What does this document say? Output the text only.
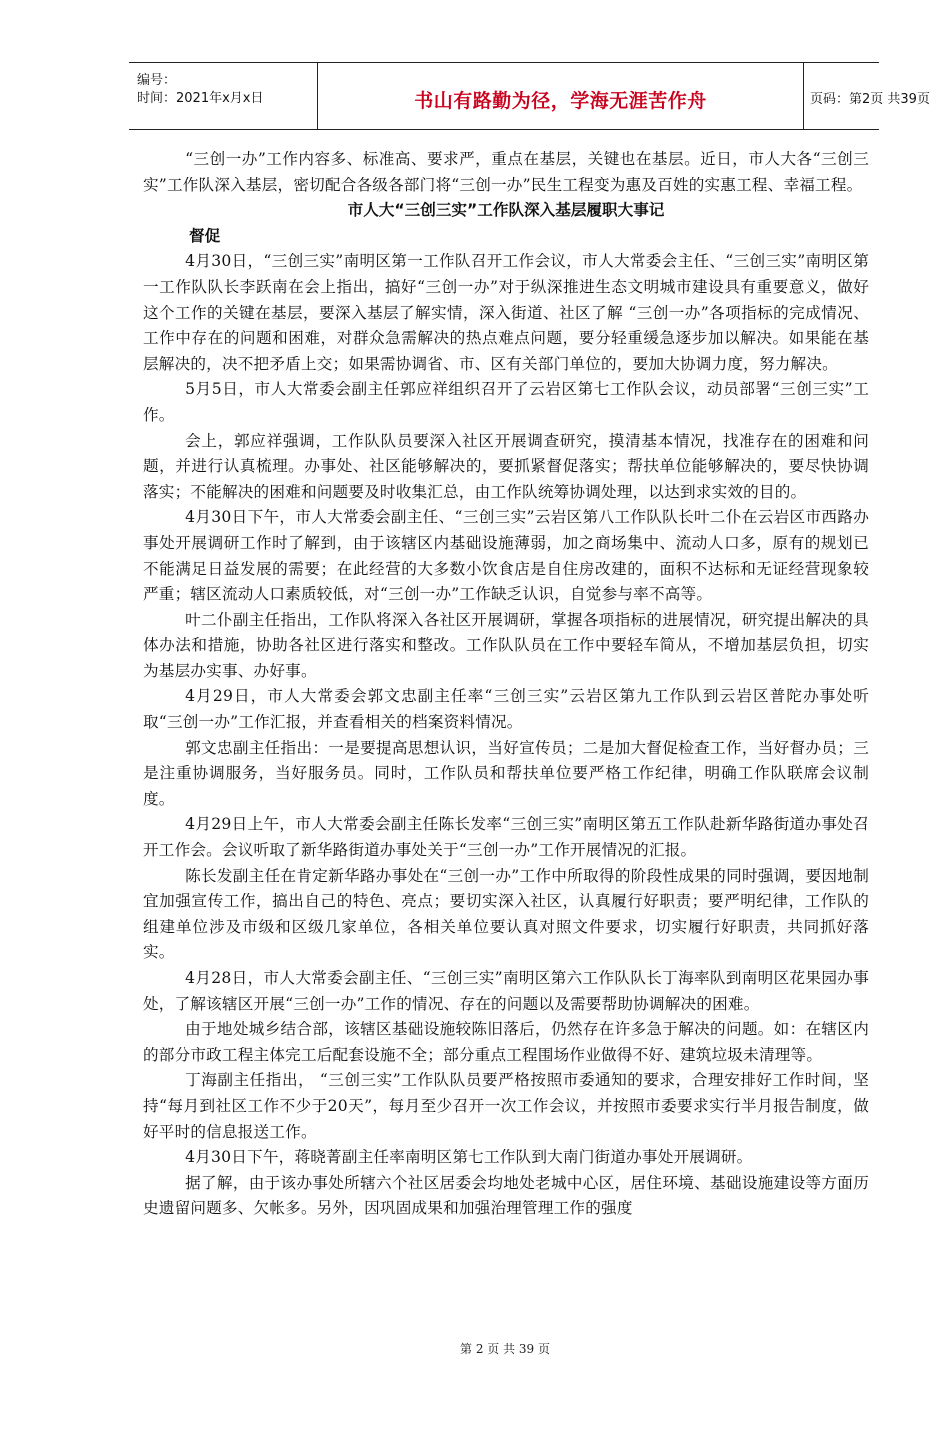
编号：
时间：2021年x月x日	书山有路勤为径，学海无涯苦作舟	页码：第2页 共39页

“三创一办”工作内容多、标准高、要求严，重点在基层，关键也在基层。近日，市人大各“三创三实”工作队深入基层，密切配合各级各部门将“三创一办”民生工程变为惠及百姓的实惠工程、幸福工程。

市人大“三创三实”工作队深入基层履职大事记

督促

4月30日，“三创三实”南明区第一工作队召开工作会议，市人大常委会主任、“三创三实”南明区第一工作队队长李跃南在会上指出，搞好“三创一办”对于纵深推进生态文明城市建设具有重要意义，做好这个工作的关键在基层，要深入基层了解实情，深入街道、社区了解 “三创一办”各项指标的完成情况、工作中存在的问题和困难，对群众急需解决的热点难点问题，要分轻重缓急逐步加以解决。如果能在基层解决的，决不把矛盾上交；如果需协调省、市、区有关部门单位的，要加大协调力度，努力解决。

5月5日，市人大常委会副主任郭应祥组织召开了云岩区第七工作队会议，动员部署“三创三实”工作。

会上，郭应祥强调，工作队队员要深入社区开展调查研究，摸清基本情况，找准存在的困难和问题，并进行认真梳理。办事处、社区能够解决的，要抓紧督促落实；帮扶单位能够解决的，要尽快协调落实；不能解决的困难和问题要及时收集汇总，由工作队统筹协调处理，以达到求实效的目的。

4月30日下午，市人大常委会副主任、“三创三实”云岩区第八工作队队长叶二仆在云岩区市西路办事处开展调研工作时了解到，由于该辖区内基础设施薄弱，加之商场集中、流动人口多，原有的规划已不能满足日益发展的需要；在此经营的大多数小饮食店是自住房改建的，面积不达标和无证经营现象较严重；辖区流动人口素质较低，对“三创一办”工作缺乏认识，自觉参与率不高等。

叶二仆副主任指出，工作队将深入各社区开展调研，掌握各项指标的进展情况，研究提出解决的具体办法和措施，协助各社区进行落实和整改。工作队队员在工作中要轻车简从，不增加基层负担，切实为基层办实事、办好事。

4月29日，市人大常委会郭文忠副主任率“三创三实”云岩区第九工作队到云岩区普陀办事处听取“三创一办”工作汇报，并查看相关的档案资料情况。

郭文忠副主任指出：一是要提高思想认识，当好宣传员；二是加大督促检查工作，当好督办员；三是注重协调服务，当好服务员。同时，工作队员和帮扶单位要严格工作纪律，明确工作队联席会议制度。

4月29日上午，市人大常委会副主任陈长发率“三创三实”南明区第五工作队赴新华路街道办事处召开工作会。会议听取了新华路街道办事处关于“三创一办”工作开展情况的汇报。

陈长发副主任在肯定新华路办事处在“三创一办”工作中所取得的阶段性成果的同时强调，要因地制宜加强宣传工作，搞出自己的特色、亮点；要切实深入社区，认真履行好职责；要严明纪律，工作队的组建单位涉及市级和区级几家单位，各相关单位要认真对照文件要求，切实履行好职责，共同抓好落实。

4月28日，市人大常委会副主任、“三创三实”南明区第六工作队队长丁海率队到南明区花果园办事处，了解该辖区开展“三创一办”工作的情况、存在的问题以及需要帮助协调解决的困难。

由于地处城乡结合部，该辖区基础设施较陈旧落后，仍然存在许多急于解决的问题。如：在辖区内的部分市政工程主体完工后配套设施不全；部分重点工程围场作业做得不好、建筑垃圾未清理等。

丁海副主任指出， “三创三实”工作队队员要严格按照市委通知的要求，合理安排好工作时间，坚持“每月到社区工作不少于20天”，每月至少召开一次工作会议，并按照市委要求实行半月报告制度，做好平时的信息报送工作。

4月30日下午，蒋晓菁副主任率南明区第七工作队到大南门街道办事处开展调研。

据了解，由于该办事处所辖六个社区居委会均地处老城中心区，居住环境、基础设施建设等方面历史遗留问题多、欠帐多。另外，因巩固成果和加强治理管理工作的强度

第 2 页 共 39 页
